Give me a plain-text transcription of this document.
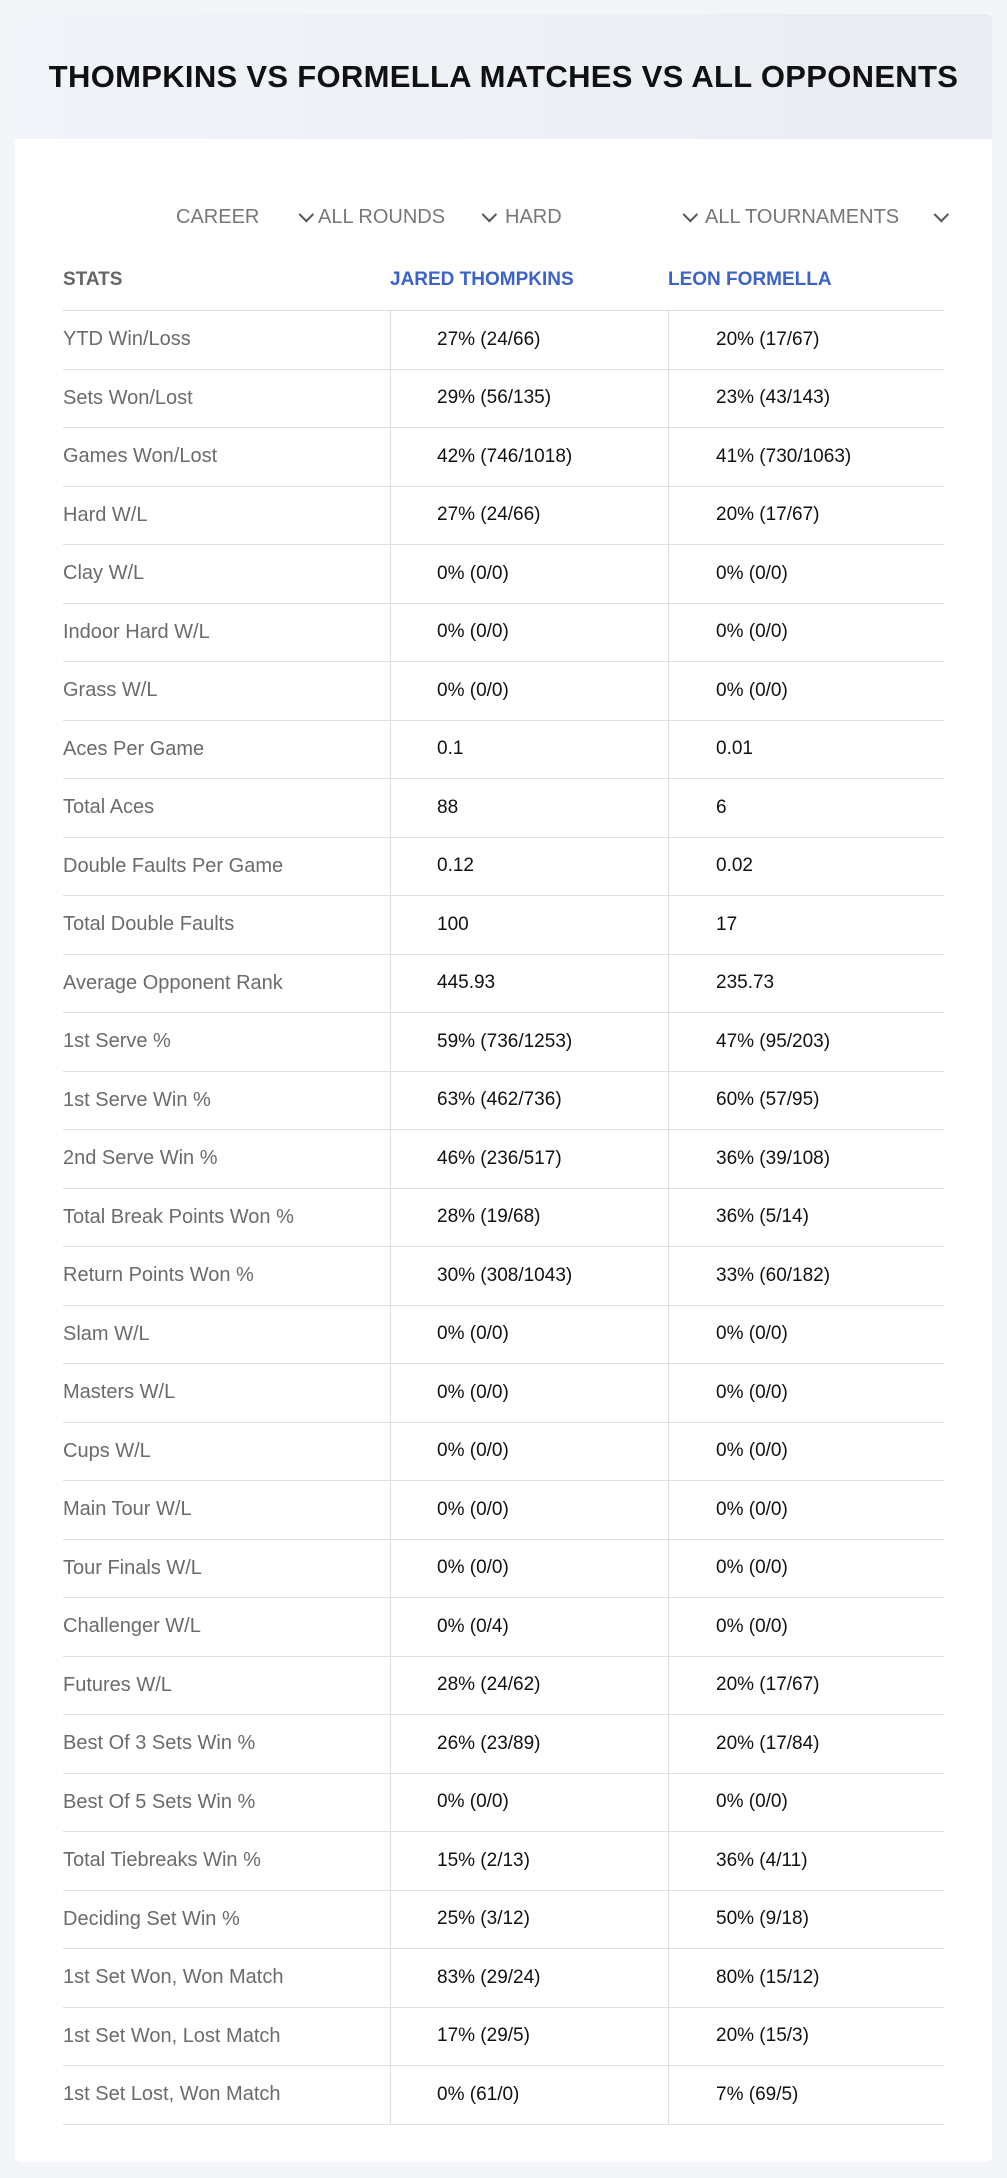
THOMPKINS VS FORMELLA MATCHES VS ALL OPPONENTS
CAREER	ALL ROUNDS	HARD	ALL TOURNAMENTS
STATS	JARED THOMPKINS	LEON FORMELLA
YTD Win/Loss	27% (24/66)	20% (17/67)
Sets Won/Lost	29% (56/135)	23% (43/143)
Games Won/Lost	42% (746/1018)	41% (730/1063)
Hard W/L	27% (24/66)	20% (17/67)
Clay W/L	0% (0/0)	0% (0/0)
Indoor Hard W/L	0% (0/0)	0% (0/0)
Grass W/L	0% (0/0)	0% (0/0)
Aces Per Game	0.1	0.01
Total Aces	88	6
Double Faults Per Game	0.12	0.02
Total Double Faults	100	17
Average Opponent Rank	445.93	235.73
1st Serve %	59% (736/1253)	47% (95/203)
1st Serve Win %	63% (462/736)	60% (57/95)
2nd Serve Win %	46% (236/517)	36% (39/108)
Total Break Points Won %	28% (19/68)	36% (5/14)
Return Points Won %	30% (308/1043)	33% (60/182)
Slam W/L	0% (0/0)	0% (0/0)
Masters W/L	0% (0/0)	0% (0/0)
Cups W/L	0% (0/0)	0% (0/0)
Main Tour W/L	0% (0/0)	0% (0/0)
Tour Finals W/L	0% (0/0)	0% (0/0)
Challenger W/L	0% (0/4)	0% (0/0)
Futures W/L	28% (24/62)	20% (17/67)
Best Of 3 Sets Win %	26% (23/89)	20% (17/84)
Best Of 5 Sets Win %	0% (0/0)	0% (0/0)
Total Tiebreaks Win %	15% (2/13)	36% (4/11)
Deciding Set Win %	25% (3/12)	50% (9/18)
1st Set Won, Won Match	83% (29/24)	80% (15/12)
1st Set Won, Lost Match	17% (29/5)	20% (15/3)
1st Set Lost, Won Match	0% (61/0)	7% (69/5)
